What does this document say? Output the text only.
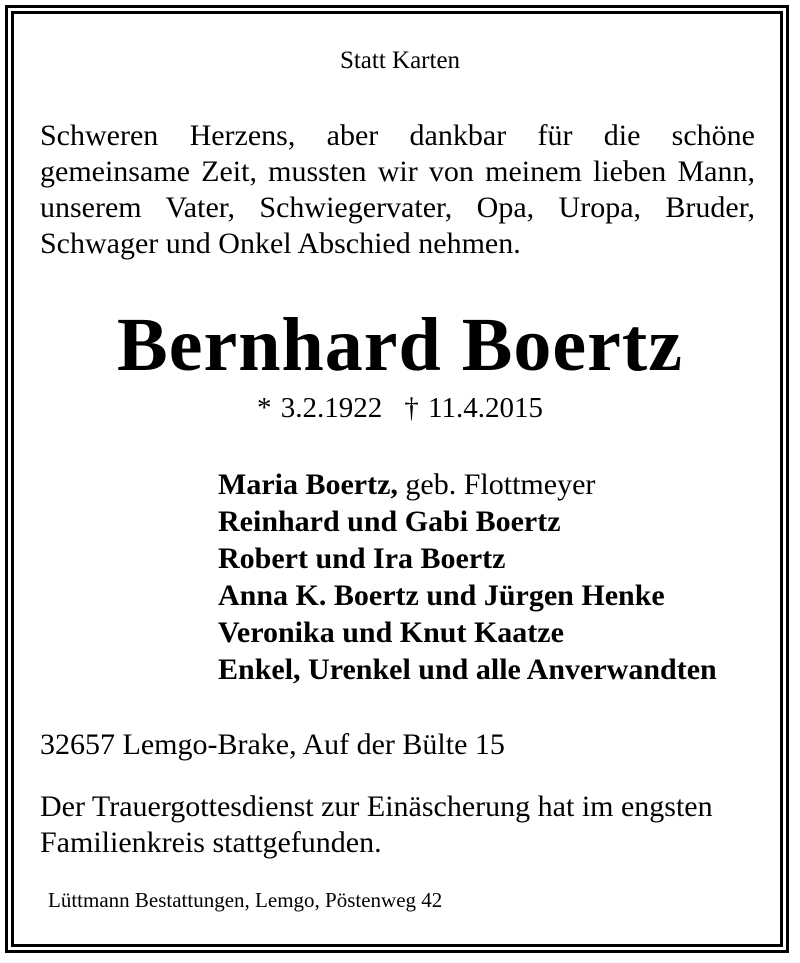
Statt Karten
Schweren Herzens, aber dankbar für die schöne gemeinsame Zeit, mussten wir von meinem lieben Mann, unserem Vater, Schwiegervater, Opa, Uropa, Bruder, Schwager und Onkel Abschied nehmen.
Bernhard Boertz
* 3.2.1922 † 11.4.2015
Maria Boertz, geb. Flottmeyer
Reinhard und Gabi Boertz
Robert und Ira Boertz
Anna K. Boertz und Jürgen Henke
Veronika und Knut Kaatze
Enkel, Urenkel und alle Anverwandten
32657 Lemgo-Brake, Auf der Bülte 15
Der Trauergottesdienst zur Einäscherung hat im engsten Familienkreis stattgefunden.
Lüttmann Bestattungen, Lemgo, Pöstenweg 42
